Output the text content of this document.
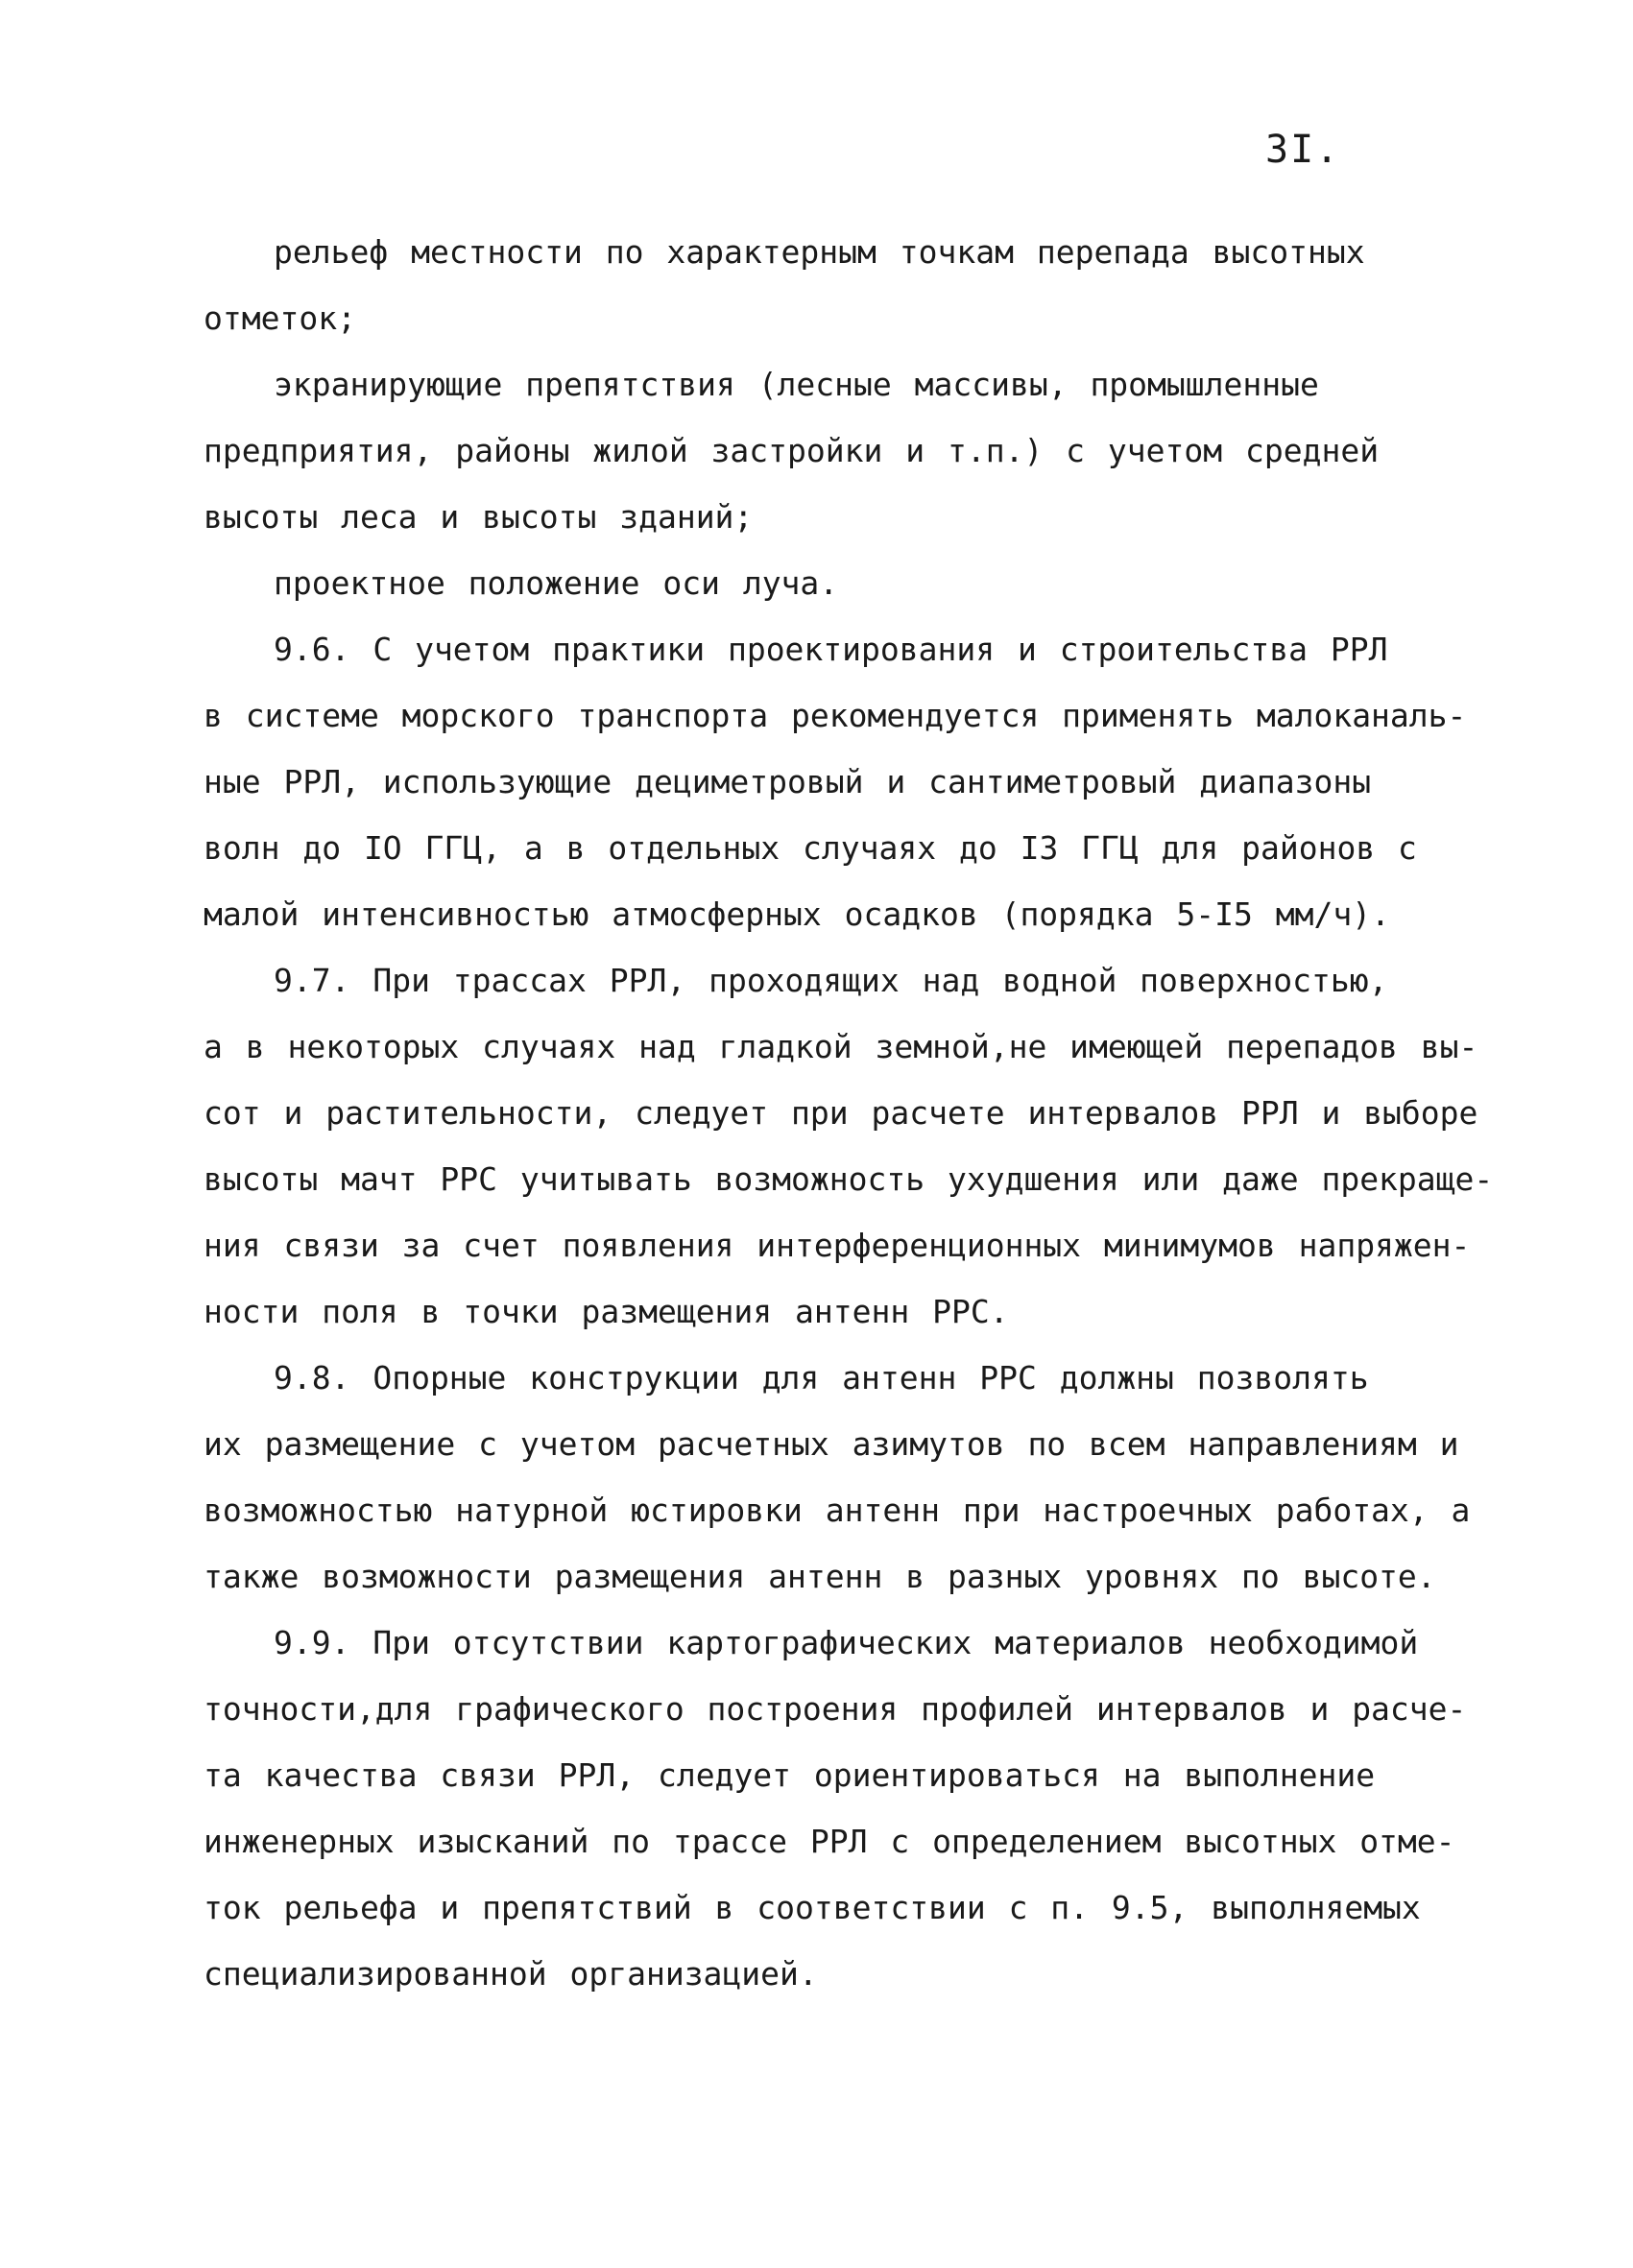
3I.
рельеф местности по характерным точкам перепада высотных
отметок;
экранирующие препятствия (лесные массивы, промышленные
предприятия, районы жилой застройки и т.п.) с учетом средней
высоты леса и высоты зданий;
проектное положение оси луча.
9.6. С учетом практики проектирования и строительства РРЛ
в системе морского транспорта рекомендуется применять малоканаль-
ные РРЛ, использующие дециметровый и сантиметровый диапазоны
волн до IO ГГЦ, а в отдельных случаях до I3 ГГЦ для районов с
малой интенсивностью атмосферных осадков (порядка 5-I5 мм/ч).
9.7. При трассах РРЛ, проходящих над водной поверхностью,
а в некоторых случаях над гладкой земной,не имеющей перепадов вы-
сот и растительности, следует при расчете интервалов РРЛ и выборе
высоты мачт РРС учитывать возможность ухудшения или даже прекраще-
ния связи за счет появления интерференционных минимумов напряжен-
ности поля в точки размещения антенн РРС.
9.8. Опорные конструкции для антенн РРС должны позволять
их размещение с учетом расчетных азимутов по всем направлениям и
возможностью натурной юстировки антенн при настроечных работах, а
также возможности размещения антенн в разных уровнях по высоте.
9.9. При отсутствии картографических материалов необходимой
точности,для графического построения профилей интервалов и расче-
та качества связи РРЛ, следует ориентироваться на выполнение
инженерных изысканий по трассе РРЛ с определением высотных отме-
ток рельефа и препятствий в соответствии с п. 9.5, выполняемых
специализированной организацией.
